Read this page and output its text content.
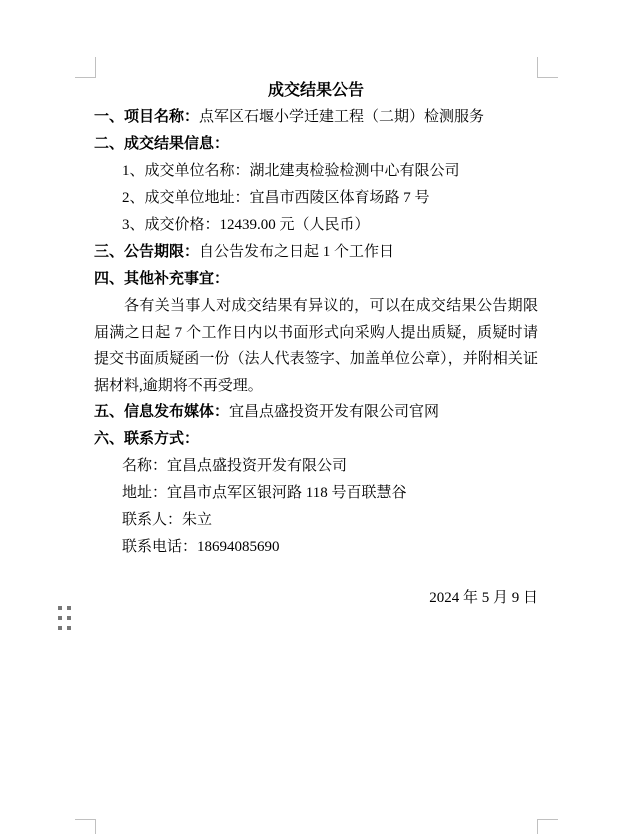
成交结果公告
一、项目名称：点军区石堰小学迁建工程（二期）检测服务
二、成交结果信息：
1、成交单位名称：湖北建夷检验检测中心有限公司
2、成交单位地址：宜昌市西陵区体育场路 7 号
3、成交价格：12439.00 元（人民币）
三、公告期限：自公告发布之日起 1 个工作日
四、其他补充事宜：
各有关当事人对成交结果有异议的，可以在成交结果公告期限届满之日起 7 个工作日内以书面形式向采购人提出质疑，质疑时请提交书面质疑函一份（法人代表签字、加盖单位公章），并附相关证据材料,逾期将不再受理。
五、信息发布媒体：宜昌点盛投资开发有限公司官网
六、联系方式：
名称：宜昌点盛投资开发有限公司
地址：宜昌市点军区银河路 118 号百联慧谷
联系人：朱立
联系电话：18694085690
2024 年 5 月 9 日
